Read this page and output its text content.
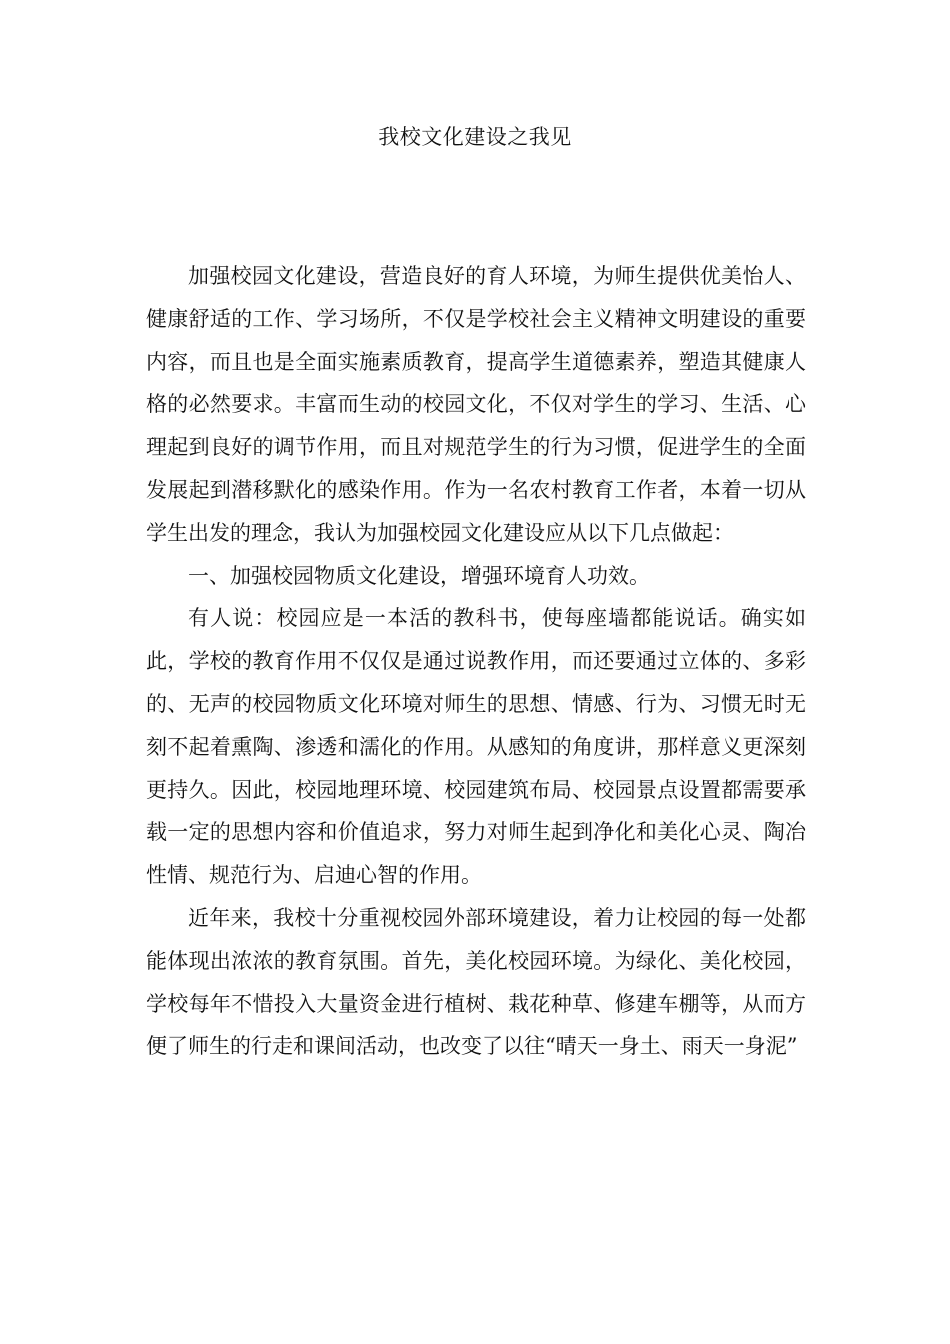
我校文化建设之我见

加强校园文化建设，营造良好的育人环境，为师生提供优美怡人、健康舒适的工作、学习场所，不仅是学校社会主义精神文明建设的重要内容，而且也是全面实施素质教育，提高学生道德素养，塑造其健康人格的必然要求。丰富而生动的校园文化，不仅对学生的学习、生活、心理起到良好的调节作用，而且对规范学生的行为习惯，促进学生的全面发展起到潜移默化的感染作用。作为一名农村教育工作者，本着一切从学生出发的理念，我认为加强校园文化建设应从以下几点做起：

一、加强校园物质文化建设，增强环境育人功效。

有人说：校园应是一本活的教科书，使每座墙都能说话。确实如此，学校的教育作用不仅仅是通过说教作用，而还要通过立体的、多彩的、无声的校园物质文化环境对师生的思想、情感、行为、习惯无时无刻不起着熏陶、渗透和濡化的作用。从感知的角度讲，那样意义更深刻更持久。因此，校园地理环境、校园建筑布局、校园景点设置都需要承载一定的思想内容和价值追求，努力对师生起到净化和美化心灵、陶冶性情、规范行为、启迪心智的作用。

近年来，我校十分重视校园外部环境建设，着力让校园的每一处都能体现出浓浓的教育氛围。首先，美化校园环境。为绿化、美化校园，学校每年不惜投入大量资金进行植树、栽花种草、修建车棚等，从而方便了师生的行走和课间活动，也改变了以往“晴天一身土、雨天一身泥”
